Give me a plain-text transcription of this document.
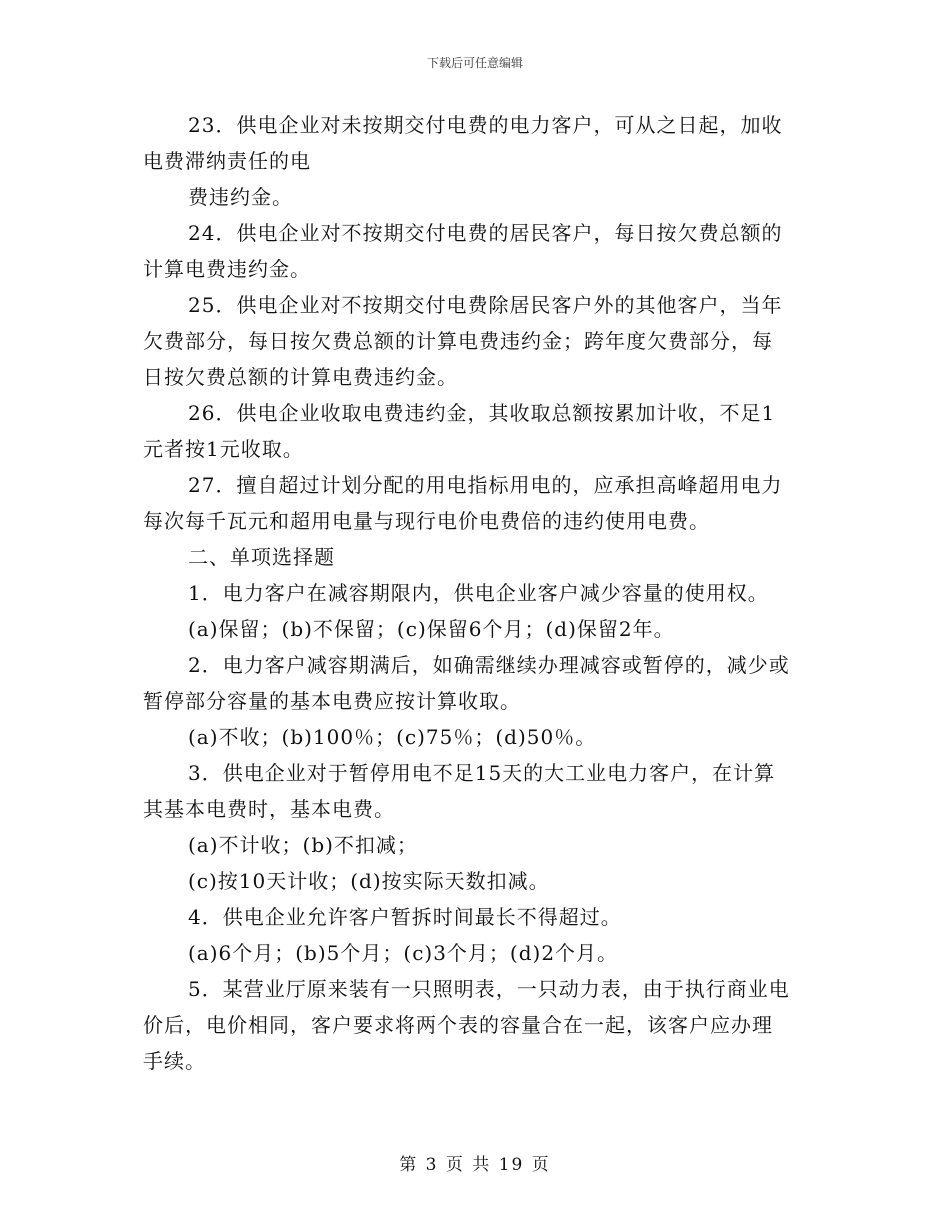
下载后可任意编辑
23．供电企业对未按期交付电费的电力客户，可从之日起，加收
电费滞纳责任的电
费违约金。
24．供电企业对不按期交付电费的居民客户，每日按欠费总额的
计算电费违约金。
25．供电企业对不按期交付电费除居民客户外的其他客户，当年
欠费部分，每日按欠费总额的计算电费违约金；跨年度欠费部分，每
日按欠费总额的计算电费违约金。
26．供电企业收取电费违约金，其收取总额按累加计收，不足1
元者按1元收取。
27．擅自超过计划分配的用电指标用电的，应承担高峰超用电力
每次每千瓦元和超用电量与现行电价电费倍的违约使用电费。
二、单项选择题
1．电力客户在减容期限内，供电企业客户减少容量的使用权。
(a)保留；(b)不保留；(c)保留6个月；(d)保留2年。
2．电力客户减容期满后，如确需继续办理减容或暂停的，减少或
暂停部分容量的基本电费应按计算收取。
(a)不收；(b)100％；(c)75％；(d)50％。
3．供电企业对于暂停用电不足15天的大工业电力客户，在计算
其基本电费时，基本电费。
(a)不计收；(b)不扣减；
(c)按10天计收；(d)按实际天数扣减。
4．供电企业允许客户暂拆时间最长不得超过。
(a)6个月；(b)5个月；(c)3个月；(d)2个月。
5．某营业厅原来装有一只照明表，一只动力表，由于执行商业电
价后，电价相同，客户要求将两个表的容量合在一起，该客户应办理
手续。
第 3 页 共 19 页
